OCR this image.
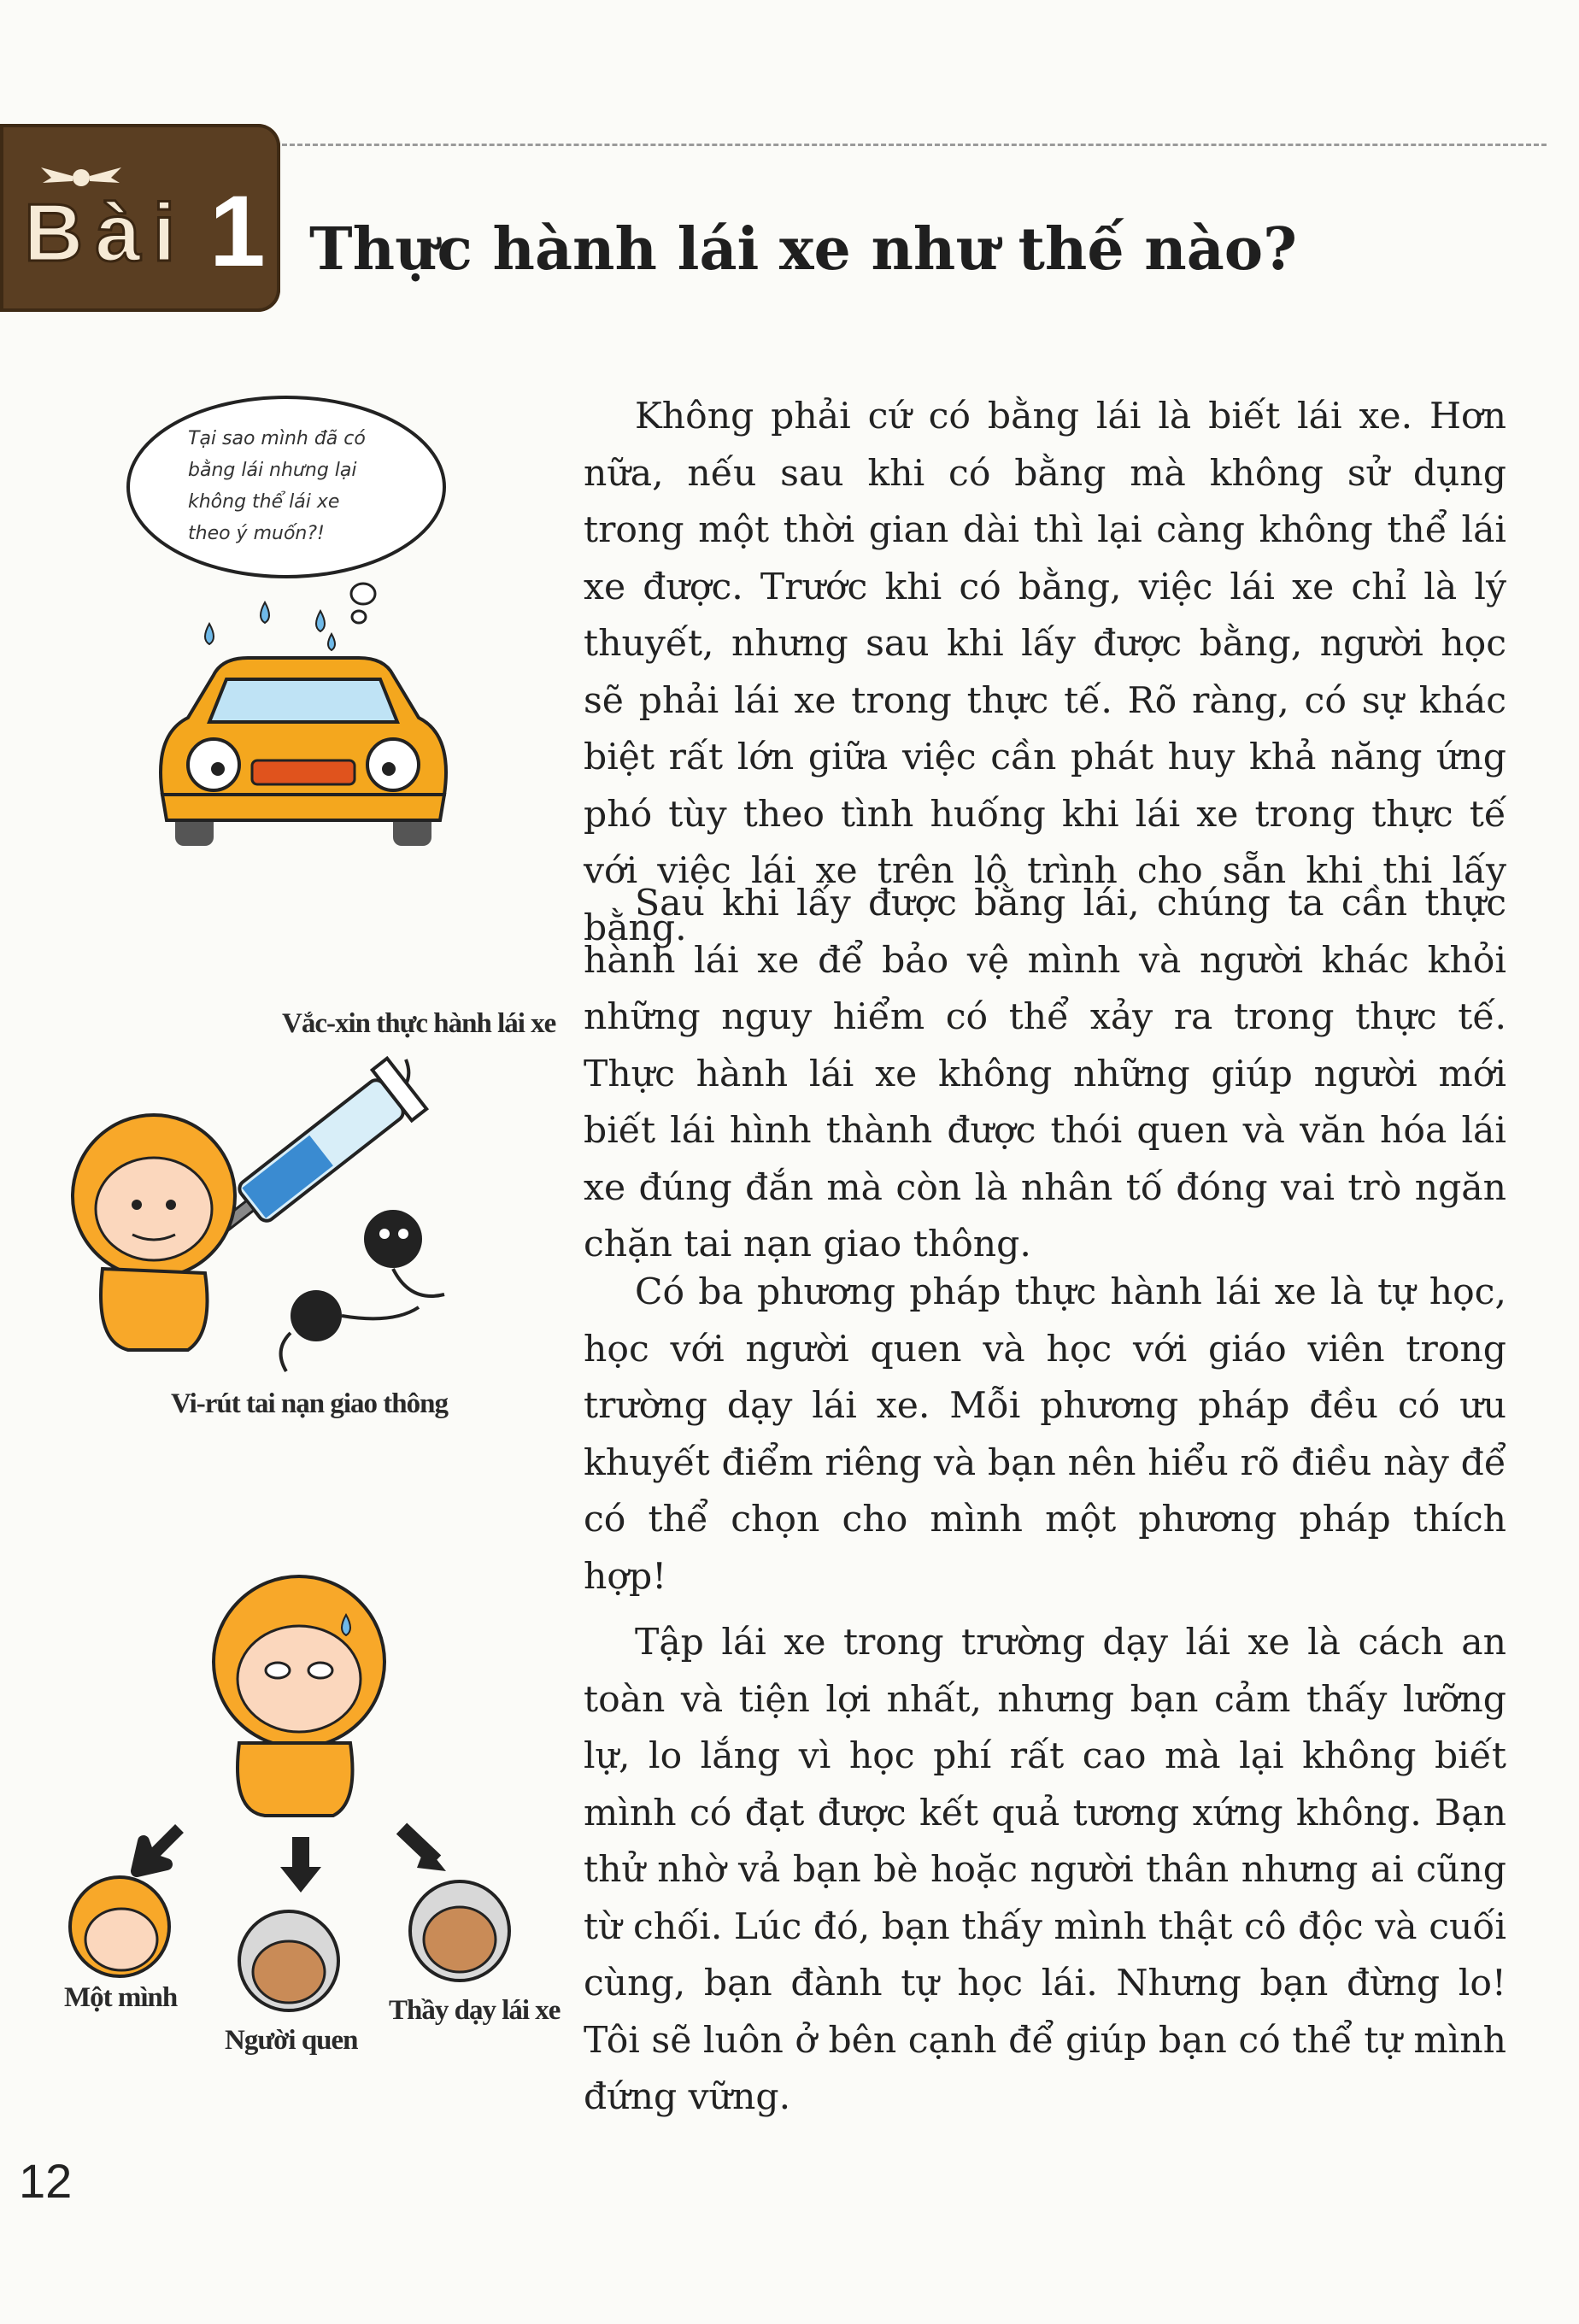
Bài 1 Thực hành lái xe như thế nào?
Tại sao mình đã có bằng lái nhưng lại không thể lái xe theo ý muốn?!
Vắc-xin thực hành lái xe
Vi-rút tai nạn giao thông
Một mình
Người quen
Thầy dạy lái xe
Không phải cứ có bằng lái là biết lái xe. Hơn nữa, nếu sau khi có bằng mà không sử dụng trong một thời gian dài thì lại càng không thể lái xe được. Trước khi có bằng, việc lái xe chỉ là lý thuyết, nhưng sau khi lấy được bằng, người học sẽ phải lái xe trong thực tế. Rõ ràng, có sự khác biệt rất lớn giữa việc cần phát huy khả năng ứng phó tùy theo tình huống khi lái xe trong thực tế với việc lái xe trên lộ trình cho sẵn khi thi lấy bằng.
Sau khi lấy được bằng lái, chúng ta cần thực hành lái xe để bảo vệ mình và người khác khỏi những nguy hiểm có thể xảy ra trong thực tế. Thực hành lái xe không những giúp người mới biết lái hình thành được thói quen và văn hóa lái xe đúng đắn mà còn là nhân tố đóng vai trò ngăn chặn tai nạn giao thông.
Có ba phương pháp thực hành lái xe là tự học, học với người quen và học với giáo viên trong trường dạy lái xe. Mỗi phương pháp đều có ưu khuyết điểm riêng và bạn nên hiểu rõ điều này để có thể chọn cho mình một phương pháp thích hợp!
Tập lái xe trong trường dạy lái xe là cách an toàn và tiện lợi nhất, nhưng bạn cảm thấy lưỡng lự, lo lắng vì học phí rất cao mà lại không biết mình có đạt được kết quả tương xứng không. Bạn thử nhờ vả bạn bè hoặc người thân nhưng ai cũng từ chối. Lúc đó, bạn thấy mình thật cô độc và cuối cùng, bạn đành tự học lái. Nhưng bạn đừng lo! Tôi sẽ luôn ở bên cạnh để giúp bạn có thể tự mình đứng vững.
12
